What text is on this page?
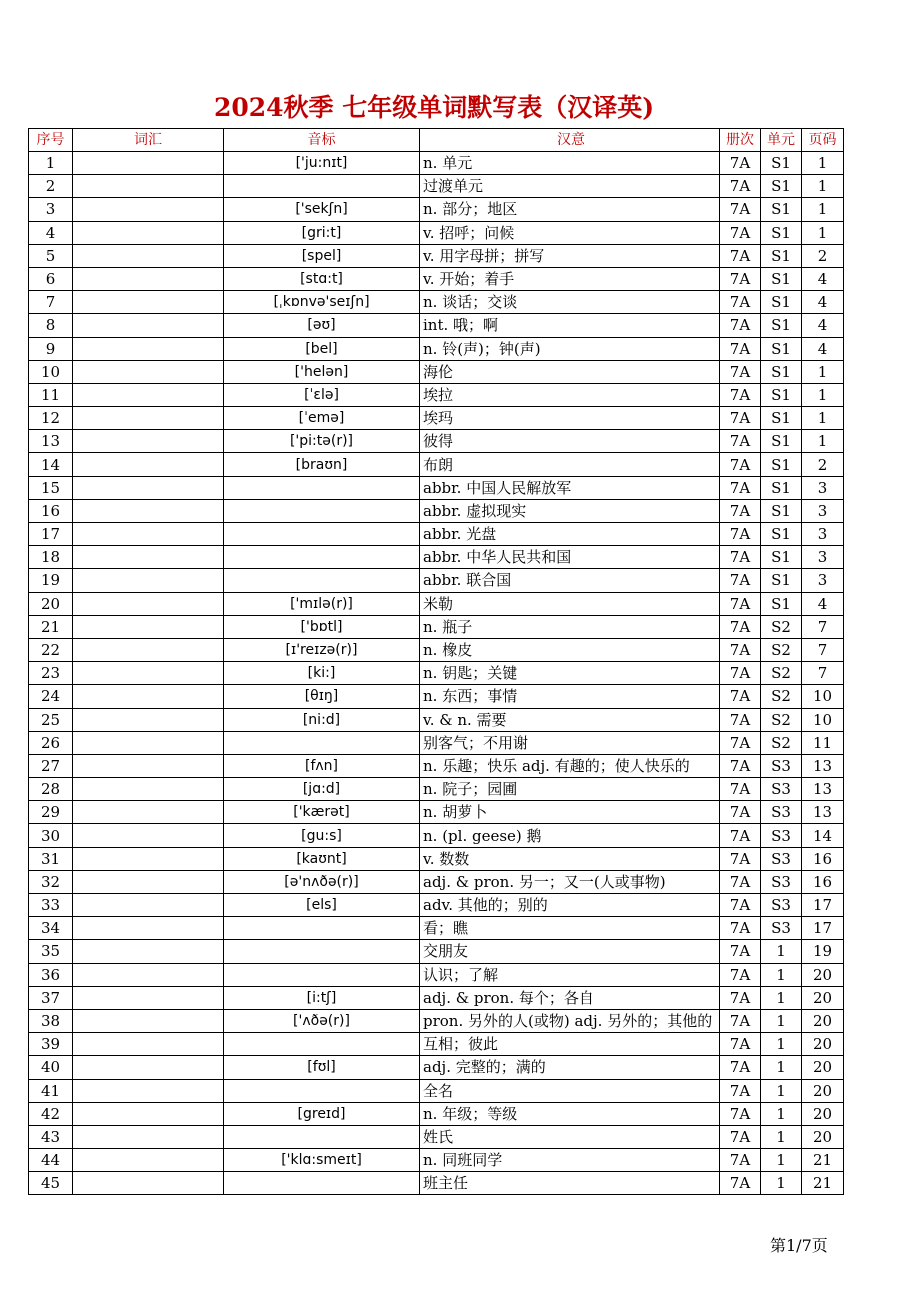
2024秋季 七年级单词默写表（汉译英)
序号	词汇	音标	汉意	册次	单元	页码
1		['ju:nɪt]	n. 单元	7A	S1	1
2			过渡单元	7A	S1	1
3		['sekʃn]	n. 部分；地区	7A	S1	1
4		[gri:t]	v. 招呼；问候	7A	S1	1
5		[spel]	v. 用字母拼；拼写	7A	S1	2
6		[stɑ:t]	v. 开始；着手	7A	S1	4
7		[ˌkɒnvə'seɪʃn]	n. 谈话；交谈	7A	S1	4
8		[əʊ]	int. 哦；啊	7A	S1	4
9		[bel]	n. 铃(声)；钟(声)	7A	S1	4
10		['helən]	海伦	7A	S1	1
11		[ˈɛlə]	埃拉	7A	S1	1
12		[ˈemə]	埃玛	7A	S1	1
13		['pi:tə(r)]	彼得	7A	S1	1
14		[braʊn]	布朗	7A	S1	2
15			abbr. 中国人民解放军	7A	S1	3
16			abbr. 虚拟现实	7A	S1	3
17			abbr. 光盘	7A	S1	3
18			abbr. 中华人民共和国	7A	S1	3
19			abbr. 联合国	7A	S1	3
20		['mɪlə(r)]	米勒	7A	S1	4
21		['bɒtl]	n. 瓶子	7A	S2	7
22		[ɪ'reɪzə(r)]	n. 橡皮	7A	S2	7
23		[ki:]	n. 钥匙；关键	7A	S2	7
24		[θɪŋ]	n. 东西；事情	7A	S2	10
25		[ni:d]	v. & n. 需要	7A	S2	10
26			别客气；不用谢	7A	S2	11
27		[fʌn]	n. 乐趣；快乐 adj. 有趣的；使人快乐的	7A	S3	13
28		[jɑ:d]	n. 院子；园圃	7A	S3	13
29		['kærət]	n. 胡萝卜	7A	S3	13
30		[gu:s]	n. (pl. geese) 鹅	7A	S3	14
31		[kaʊnt]	v. 数数	7A	S3	16
32		[ə'nʌðə(r)]	adj. & pron. 另一；又一(人或事物)	7A	S3	16
33		[els]	adv. 其他的；别的	7A	S3	17
34			看；瞧	7A	S3	17
35			交朋友	7A	1	19
36			认识；了解	7A	1	20
37		[i:tʃ]	adj. & pron. 每个；各自	7A	1	20
38		['ʌðə(r)]	pron. 另外的人(或物) adj. 另外的；其他的	7A	1	20
39			互相；彼此	7A	1	20
40		[fʊl]	adj. 完整的；满的	7A	1	20
41			全名	7A	1	20
42		[greɪd]	n. 年级；等级	7A	1	20
43			姓氏	7A	1	20
44		['klɑ:smeɪt]	n. 同班同学	7A	1	21
45			班主任	7A	1	21
第1/7页
